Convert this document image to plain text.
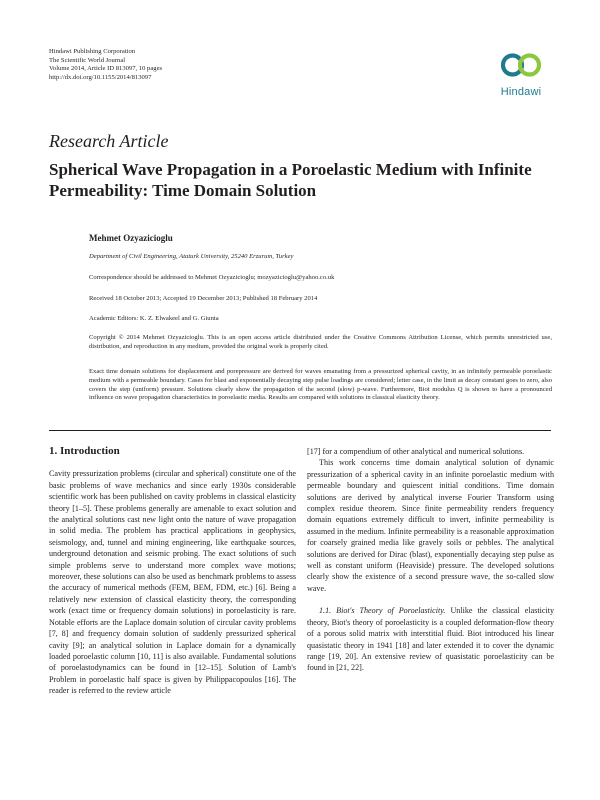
Hindawi Publishing Corporation
The Scientific World Journal
Volume 2014, Article ID 813097, 10 pages
http://dx.doi.org/10.1155/2014/813097
Hindawi
Research Article
Spherical Wave Propagation in a Poroelastic Medium with Infinite Permeability: Time Domain Solution
Mehmet Ozyazicioglu

Department of Civil Engineering, Ataturk University, 25240 Erzurum, Turkey

Correspondence should be addressed to Mehmet Ozyazicioglu; mozyazicioglu@yahoo.co.uk

Received 18 October 2013; Accepted 19 December 2013; Published 18 February 2014

Academic Editors: K. Z. Elwakeel and G. Giunta

Copyright © 2014 Mehmet Ozyazicioglu. This is an open access article distributed under the Creative Commons Attribution License, which permits unrestricted use, distribution, and reproduction in any medium, provided the original work is properly cited.

Exact time domain solutions for displacement and porepressure are derived for waves emanating from a pressurized spherical cavity, in an infinitely permeable poroelastic medium with a permeable boundary. Cases for blast and exponentially decaying step pulse loadings are considered; letter case, in the limit as decay constant goes to zero, also covers the step (uniform) pressure. Solutions clearly show the propagation of the second (slow) p-wave. Furthermore, Biot modulus Q is shown to have a pronounced influence on wave propagation characteristics in poroelastic media. Results are compared with solutions in classical elasticity theory.

1. Introduction

Cavity pressurization problems (circular and spherical) constitute one of the basic problems of wave mechanics and since early 1930s considerable scientific work has been published on cavity problems in classical elasticity theory [1–5]. These problems generally are amenable to exact solution and the analytical solutions cast new light onto the nature of wave propagation in solid media. The problem has practical applications in geophysics, seismology, and, tunnel and mining engineering, like earthquake sources, underground detonation and seismic probing. The exact solutions of such simple problems serve to understand more complex wave motions; moreover, these solutions can also be used as benchmark problems to assess the accuracy of numerical methods (FEM, BEM, FDM, etc.) [6]. Being a relatively new extension of classical elasticity theory, the corresponding work (exact time or frequency domain solutions) in poroelasticity is rare. Notable efforts are the Laplace domain solution of circular cavity problems [7, 8] and frequency domain solution of suddenly pressurized spherical cavity [9]; an analytical solution in Laplace domain for a dynamically loaded poroelastic column [10, 11] is also available. Fundamental solutions of poroelastodynamics can be found in [12–15]. Solution of Lamb's Problem in poroelastic half space is given by Philippacopoulos [16]. The reader is referred to the review article

[17] for a compendium of other analytical and numerical solutions.

This work concerns time domain analytical solution of dynamic pressurization of a spherical cavity in an infinite poroelastic medium with permeable boundary and quiescent initial conditions. Time domain solutions are derived by analytical inverse Fourier Transform using complex residue theorem. Since finite permeability renders frequency domain equations extremely difficult to invert, infinite permeability is assumed in the medium. Infinite permeability is a reasonable approximation for coarsely grained media like gravely soils or pebbles. The analytical solutions are derived for Dirac (blast), exponentially decaying step pulse as well as constant uniform (Heaviside) pressure. The developed solutions clearly show the existence of a second pressure wave, the so-called slow wave.

1.1. Biot's Theory of Poroelasticity. Unlike the classical elasticity theory, Biot's theory of poroelasticity is a coupled deformation-flow theory of a porous solid matrix with interstitial fluid. Biot introduced his linear quasistatic theory in 1941 [18] and later extended it to cover the dynamic range [19, 20]. An extensive review of quasistatic poroelasticity can be found in [21, 22].
